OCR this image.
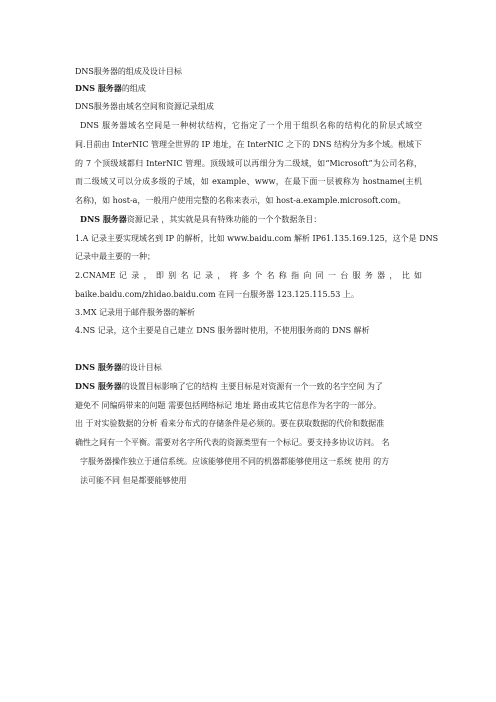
DNS服务器的组成及设计目标
DNS 服务器的组成
DNS服务器由域名空间和资源记录组成
DNS 服务器域名空间是一种树状结构，它指定了一个用于组织名称的结构化的阶层式域空
间.目前由 InterNIC 管理全世界的 IP 地址，在 InterNIC 之下的 DNS 结构分为多个域。根域下
的 7 个顶级域都归 InterNIC 管理。顶级域可以再细分为二级域，如“Microsoft”为公司名称，
而二级域又可以分成多级的子域，如 example、www，在最下面一层被称为 hostname(主机
名称)，如 host-a，一般用户使用完整的名称来表示，如 host-a.example.microsoft.com。
DNS 服务器资源记录 ，其实就是具有特殊功能的一个个数据条目：
1.A 记录主要实现域名到 IP 的解析，比如 www.baidu.com 解析 IP61.135.169.125，这个是 DNS
记录中最主要的一种；
2.CNAME 记 录 ， 即 别 名 记 录 ， 将 多 个 名 称 指 向 同 一 台 服 务 器 ， 比 如
baike.baidu.com/zhidao.baidu.com 在同一台服务器 123.125.115.53 上。
3.MX 记录用于邮件服务器的解析
4.NS 记录，这个主要是自己建立 DNS 服务器时使用，不使用服务商的 DNS 解析
DNS 服务器的设计目标
DNS 服务器的设置目标影响了它的结构 主要目标是对资源有一个一致的名字空间 为了
避免不 同编码带来的问题 需要包括网络标记 地址 路由或其它信息作为名字的一部分。
出 于对实验数据的分析 看来分布式的存储条件是必须的。要在获取数据的代价和数据准
确性之间有一个平衡。需要对名字所代表的资源类型有一个标记。要支持多协议访问。 名
字服务器操作独立于通信系统。应该能够使用不同的机器都能够使用这一系统 使用 的方
法可能不同 但是都要能够使用
